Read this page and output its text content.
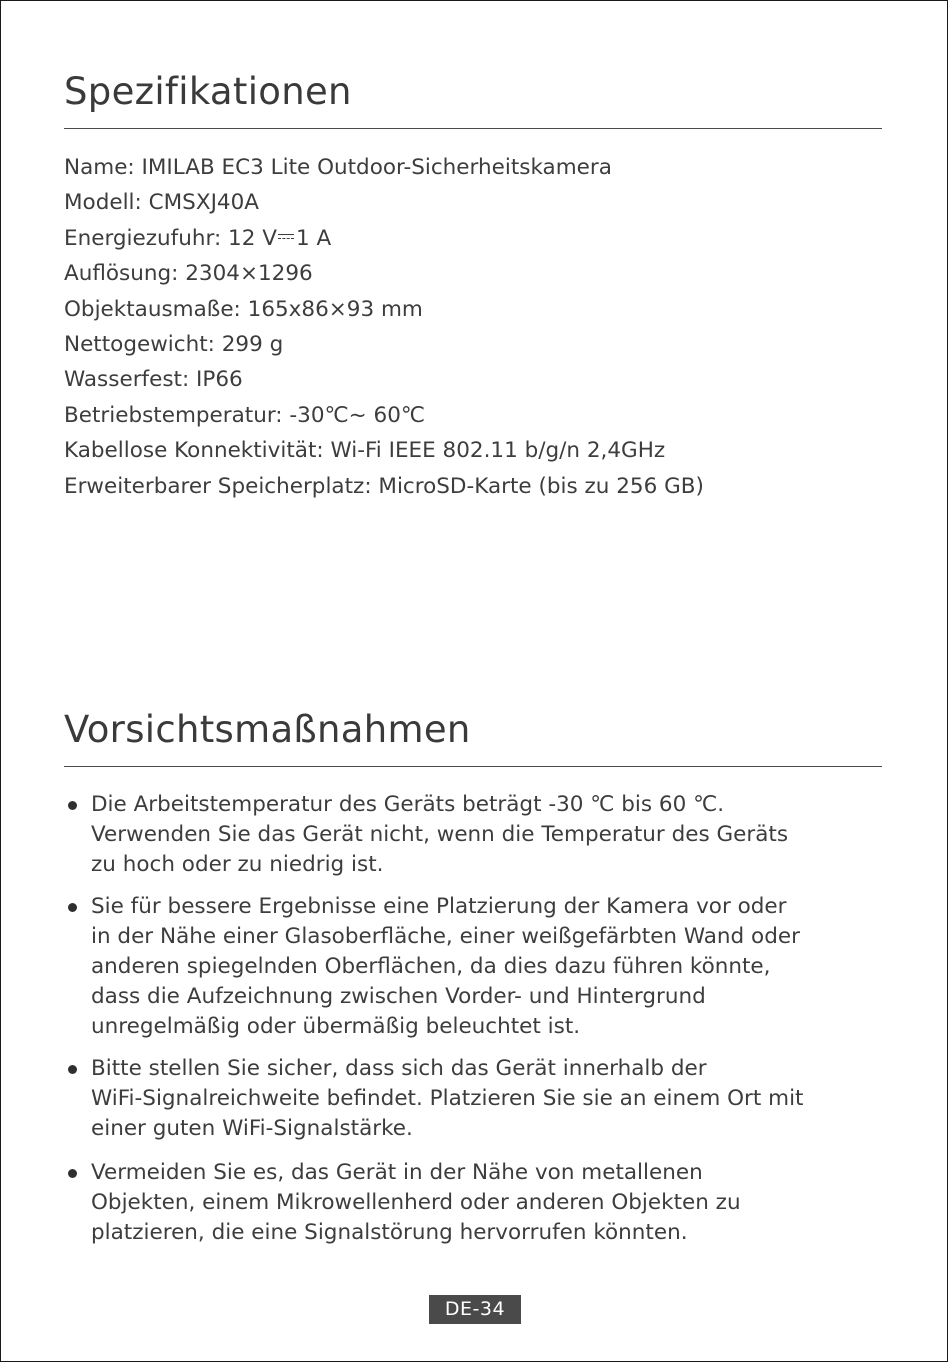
Spezifikationen
Name: IMILAB EC3 Lite Outdoor-Sicherheitskamera
Modell: CMSXJ40A
Energiezufuhr: 12 V 1 A
Auflösung: 2304×1296
Objektausmaße: 165x86×93 mm
Nettogewicht: 299 g
Wasserfest: IP66
Betriebstemperatur: -30℃~ 60℃
Kabellose Konnektivität: Wi-Fi IEEE 802.11 b/g/n 2,4GHz
Erweiterbarer Speicherplatz: MicroSD-Karte (bis zu 256 GB)
Vorsichtsmaßnahmen
Die Arbeitstemperatur des Geräts beträgt -30 ℃ bis 60 ℃.
Verwenden Sie das Gerät nicht, wenn die Temperatur des Geräts
zu hoch oder zu niedrig ist.
Sie für bessere Ergebnisse eine Platzierung der Kamera vor oder
in der Nähe einer Glasoberfläche, einer weißgefärbten Wand oder
anderen spiegelnden Oberflächen, da dies dazu führen könnte,
dass die Aufzeichnung zwischen Vorder- und Hintergrund
unregelmäßig oder übermäßig beleuchtet ist.
Bitte stellen Sie sicher, dass sich das Gerät innerhalb der
WiFi-Signalreichweite befindet. Platzieren Sie sie an einem Ort mit
einer guten WiFi-Signalstärke.
Vermeiden Sie es, das Gerät in der Nähe von metallenen
Objekten, einem Mikrowellenherd oder anderen Objekten zu
platzieren, die eine Signalstörung hervorrufen könnten.
DE-34
